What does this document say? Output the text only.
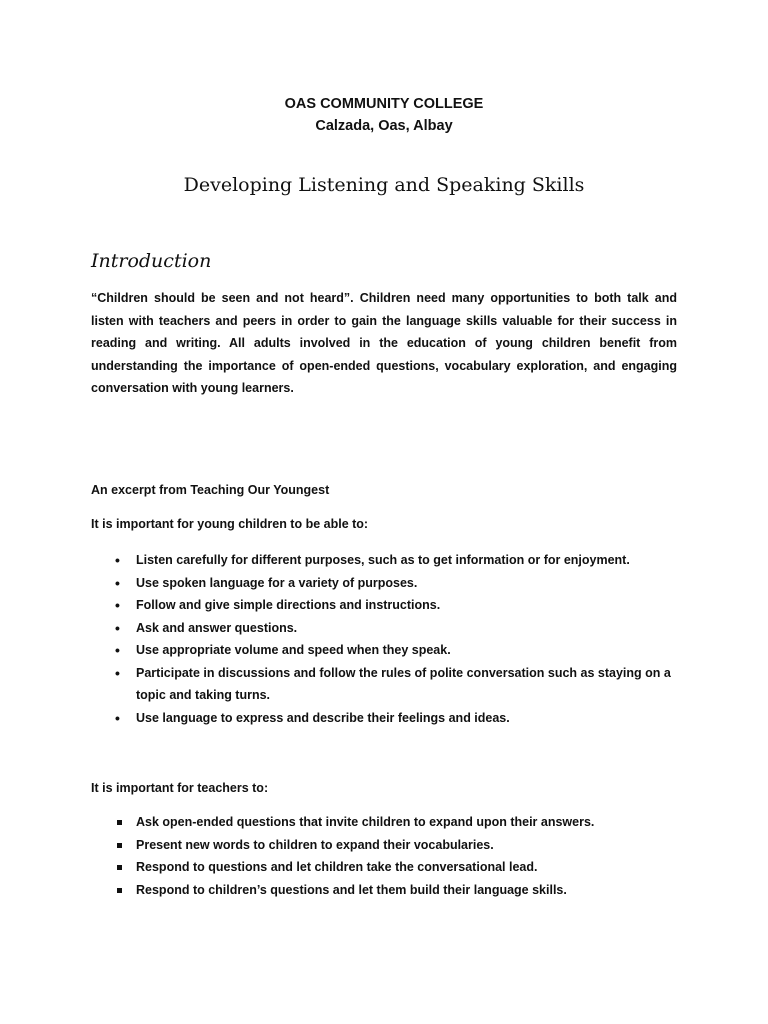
OAS COMMUNITY COLLEGE
Calzada, Oas, Albay
Developing Listening and Speaking Skills
Introduction

“Children should be seen and not heard”. Children need many opportunities to both talk and listen with teachers and peers in order to gain the language skills valuable for their success in reading and writing. All adults involved in the education of young children benefit from understanding the importance of open-ended questions, vocabulary exploration, and engaging conversation with young learners.

An excerpt from Teaching Our Youngest
It is important for young children to be able to:
•	Listen carefully for different purposes, such as to get information or for enjoyment.
•	Use spoken language for a variety of purposes.
•	Follow and give simple directions and instructions.
•	Ask and answer questions.
•	Use appropriate volume and speed when they speak.
•	Participate in discussions and follow the rules of polite conversation such as staying on a topic and taking turns.
•	Use language to express and describe their feelings and ideas.
It is important for teachers to:
Ask open-ended questions that invite children to expand upon their answers.
Present new words to children to expand their vocabularies.
Respond to questions and let children take the conversational lead.
Respond to children’s questions and let them build their language skills.
